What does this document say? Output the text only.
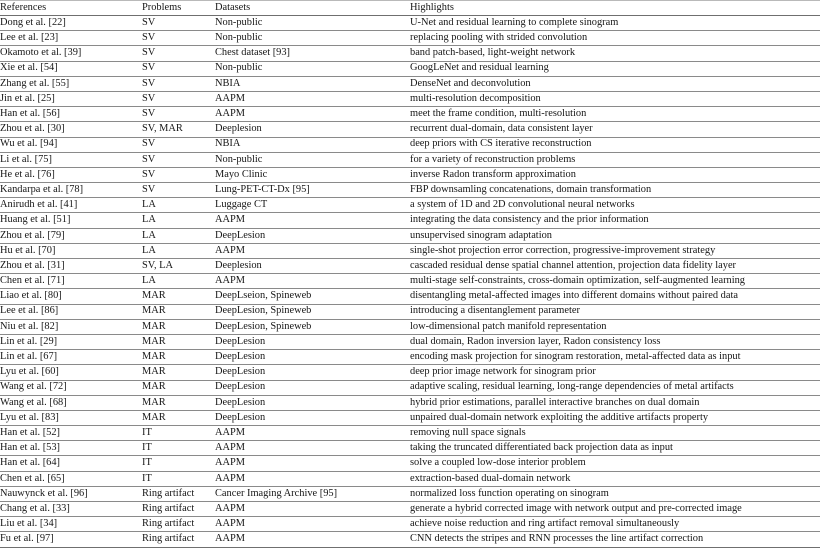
References	Problems	Datasets	Highlights
Dong et al. [22]	SV	Non-public	U-Net and residual learning to complete sinogram
Lee et al. [23]	SV	Non-public	replacing pooling with strided convolution
Okamoto et al. [39]	SV	Chest dataset [93]	band patch-based, light-weight network
Xie et al. [54]	SV	Non-public	GoogLeNet and residual learning
Zhang et al. [55]	SV	NBIA	DenseNet and deconvolution
Jin et al. [25]	SV	AAPM	multi-resolution decomposition
Han et al. [56]	SV	AAPM	meet the frame condition, multi-resolution
Zhou et al. [30]	SV, MAR	Deeplesion	recurrent dual-domain, data consistent layer
Wu et al. [94]	SV	NBIA	deep priors with CS iterative reconstruction
Li et al. [75]	SV	Non-public	for a variety of reconstruction problems
He et al. [76]	SV	Mayo Clinic	inverse Radon transform approximation
Kandarpa et al. [78]	SV	Lung-PET-CT-Dx [95]	FBP downsamling concatenations, domain transformation
Anirudh et al. [41]	LA	Luggage CT	a system of 1D and 2D convolutional neural networks
Huang et al. [51]	LA	AAPM	integrating the data consistency and the prior information
Zhou et al. [79]	LA	DeepLesion	unsupervised sinogram adaptation
Hu et al. [70]	LA	AAPM	single-shot projection error correction, progressive-improvement strategy
Zhou et al. [31]	SV, LA	Deeplesion	cascaded residual dense spatial channel attention, projection data fidelity layer
Chen et al. [71]	LA	AAPM	multi-stage self-constraints, cross-domain optimization, self-augmented learning
Liao et al. [80]	MAR	DeepLseion, Spineweb	disentangling metal-affected images into different domains without paired data
Lee et al. [86]	MAR	DeepLesion, Spineweb	introducing a disentanglement parameter
Niu et al. [82]	MAR	DeepLesion, Spineweb	low-dimensional patch manifold representation
Lin et al. [29]	MAR	DeepLesion	dual domain, Radon inversion layer, Radon consistency loss
Lin et al. [67]	MAR	DeepLesion	encoding mask projection for sinogram restoration, metal-affected data as input
Lyu et al. [60]	MAR	DeepLesion	deep prior image network for sinogram prior
Wang et al. [72]	MAR	DeepLesion	adaptive scaling, residual learning, long-range dependencies of metal artifacts
Wang et al. [68]	MAR	DeepLesion	hybrid prior estimations, parallel interactive branches on dual domain
Lyu et al. [83]	MAR	DeepLesion	unpaired dual-domain network exploiting the additive artifacts property
Han et al. [52]	IT	AAPM	removing null space signals
Han et al. [53]	IT	AAPM	taking the truncated differentiated back projection data as input
Han et al. [64]	IT	AAPM	solve a coupled low-dose interior problem
Chen et al. [65]	IT	AAPM	extraction-based dual-domain network
Nauwynck et al. [96]	Ring artifact	Cancer Imaging Archive [95]	normalized loss function operating on sinogram
Chang et al. [33]	Ring artifact	AAPM	generate a hybrid corrected image with network output and pre-corrected image
Liu et al. [34]	Ring artifact	AAPM	achieve noise reduction and ring artifact removal simultaneously
Fu et al. [97]	Ring artifact	AAPM	CNN detects the stripes and RNN processes the line artifact correction
